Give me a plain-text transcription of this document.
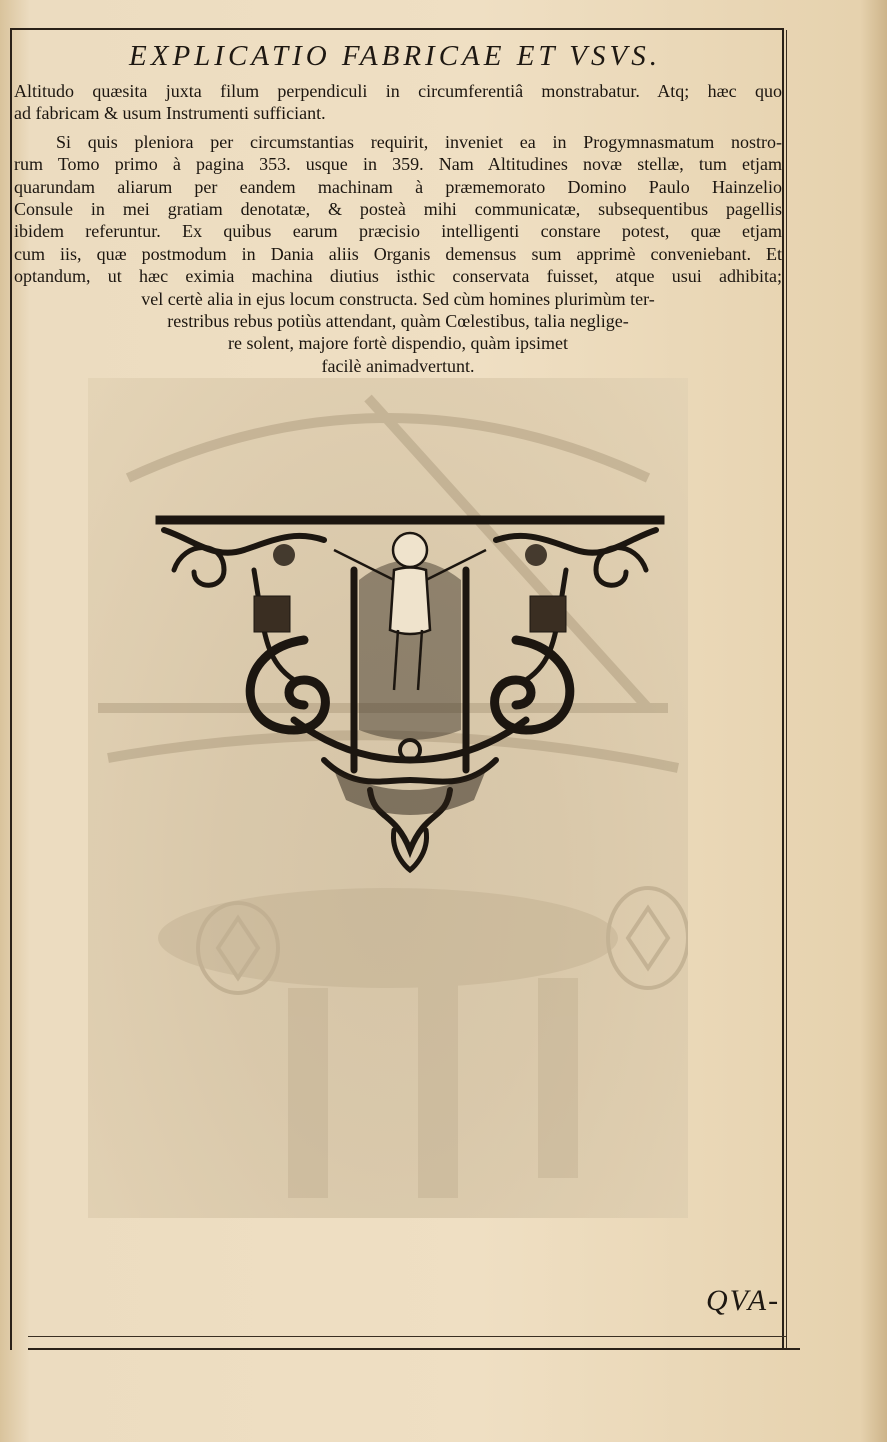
EXPLICATIO FABRICAE ET VSVS.
Altitudo quæsita juxta filum perpendiculi in circumferentiâ monstrabatur. Atq; hæc quo
ad fabricam & usum Instrumenti sufficiant.
Si quis pleniora per circumstantias requirit, inveniet ea in Progymnasmatum nostro-
rum Tomo primo à pagina 353. usque in 359. Nam Altitudines novæ stellæ, tum etjam
quarundam aliarum per eandem machinam à præmemorato Domino Paulo Hainzelio
Consule in mei gratiam denotatæ, & posteà mihi communicatæ, subsequentibus pagellis
ibidem referuntur. Ex quibus earum præcisio intelligenti constare potest, quæ etjam
cum iis, quæ postmodum in Dania aliis Organis demensus sum apprimè conveniebant. Et
optandum, ut hæc eximia machina diutius isthic conservata fuisset, atque usui adhibita;
vel certè alia in ejus locum constructa. Sed cùm homines plurimùm ter-
restribus rebus potiùs attendant, quàm Cœlestibus, talia neglige-
re solent, majore fortè dispendio, quàm ipsimet
facilè animadvertunt.
QVA-
